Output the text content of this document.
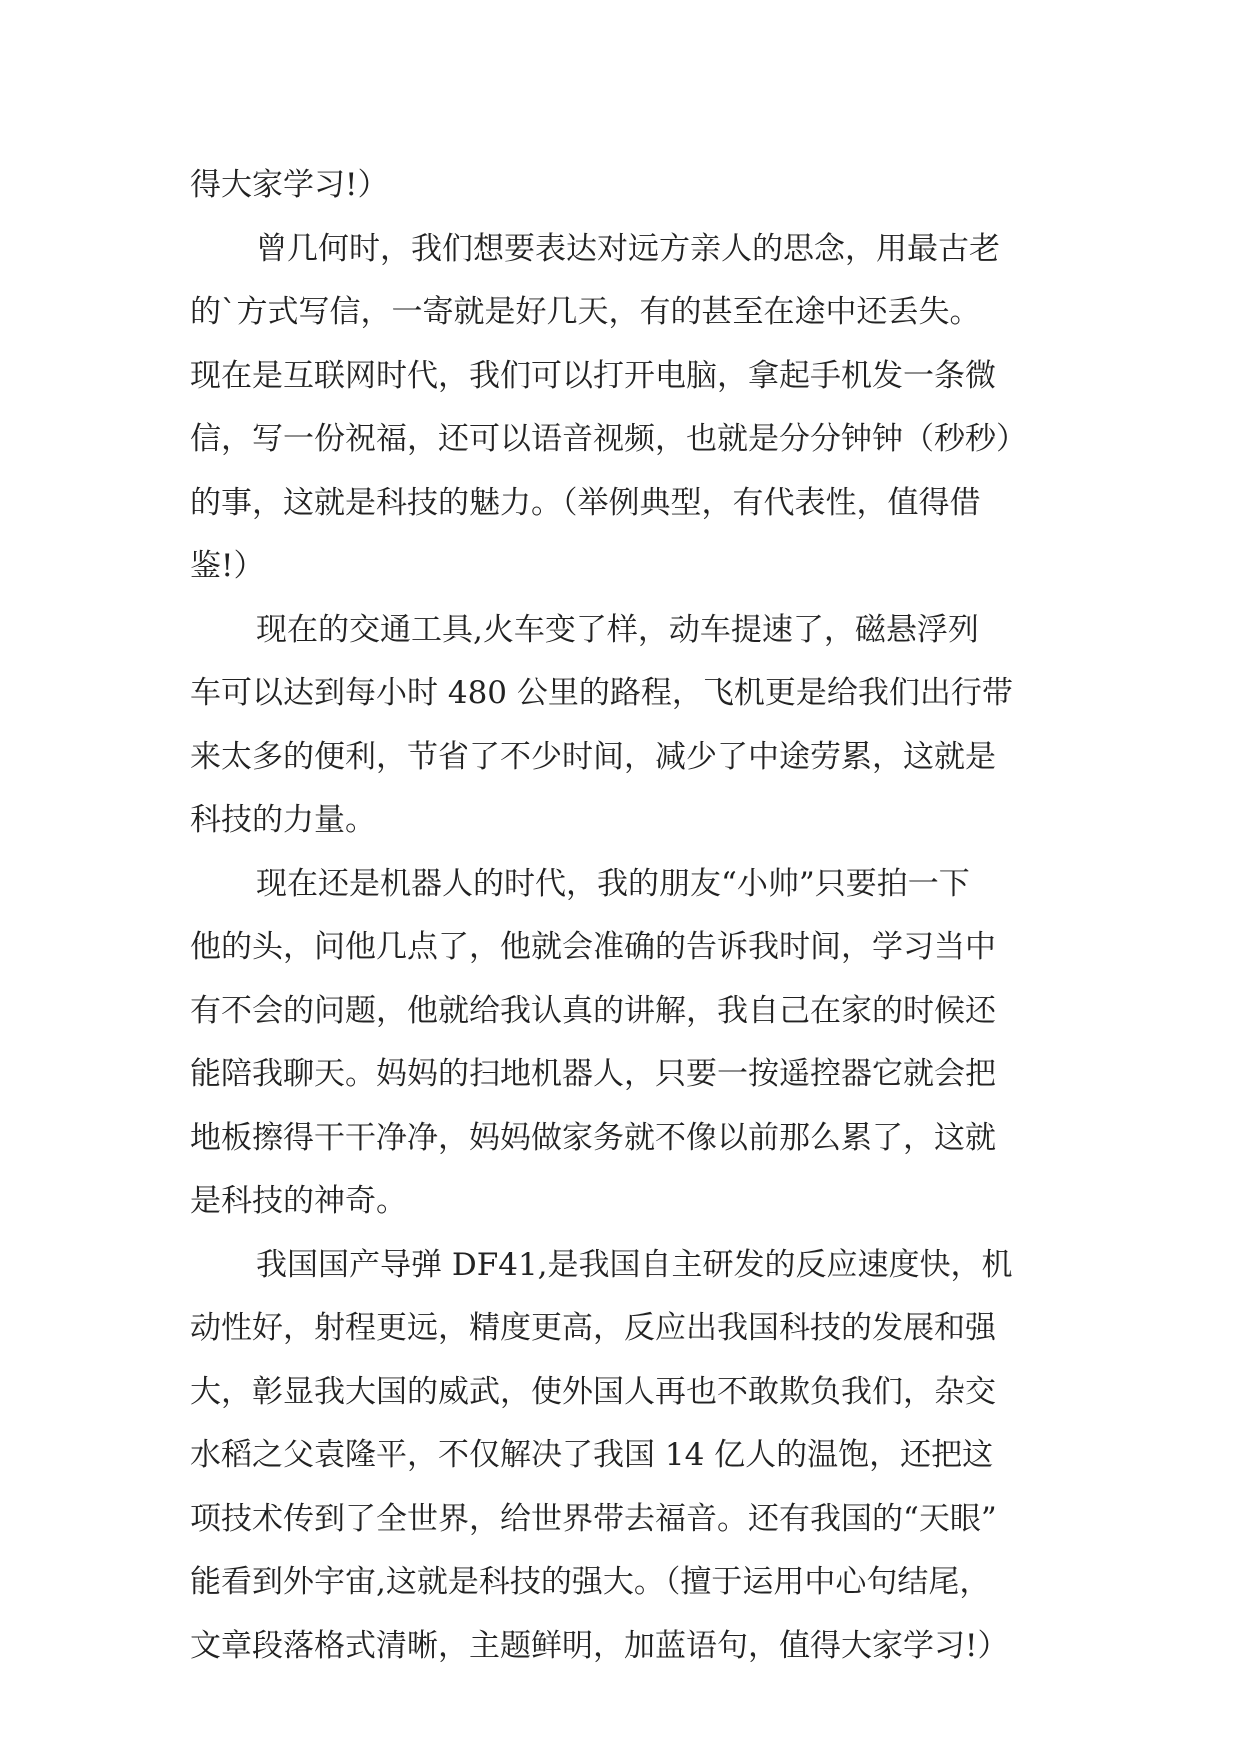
得大家学习!）
曾几何时，我们想要表达对远方亲人的思念，用最古老
的`方式写信，一寄就是好几天，有的甚至在途中还丢失。
现在是互联网时代，我们可以打开电脑，拿起手机发一条微
信，写一份祝福，还可以语音视频，也就是分分钟钟（秒秒）
的事，这就是科技的魅力。（举例典型，有代表性，值得借
鉴!）
现在的交通工具,火车变了样，动车提速了，磁悬浮列
车可以达到每小时 480 公里的路程，飞机更是给我们出行带
来太多的便利，节省了不少时间，减少了中途劳累，这就是
科技的力量。
现在还是机器人的时代，我的朋友“小帅”只要拍一下
他的头，问他几点了，他就会准确的告诉我时间，学习当中
有不会的问题，他就给我认真的讲解，我自己在家的时候还
能陪我聊天。妈妈的扫地机器人，只要一按遥控器它就会把
地板擦得干干净净，妈妈做家务就不像以前那么累了，这就
是科技的神奇。
我国国产导弹 DF41,是我国自主研发的反应速度快，机
动性好，射程更远，精度更高，反应出我国科技的发展和强
大，彰显我大国的威武，使外国人再也不敢欺负我们，杂交
水稻之父袁隆平，不仅解决了我国 14 亿人的温饱，还把这
项技术传到了全世界，给世界带去福音。还有我国的“天眼”
能看到外宇宙,这就是科技的强大。（擅于运用中心句结尾，
文章段落格式清晰，主题鲜明，加蓝语句，值得大家学习!）
